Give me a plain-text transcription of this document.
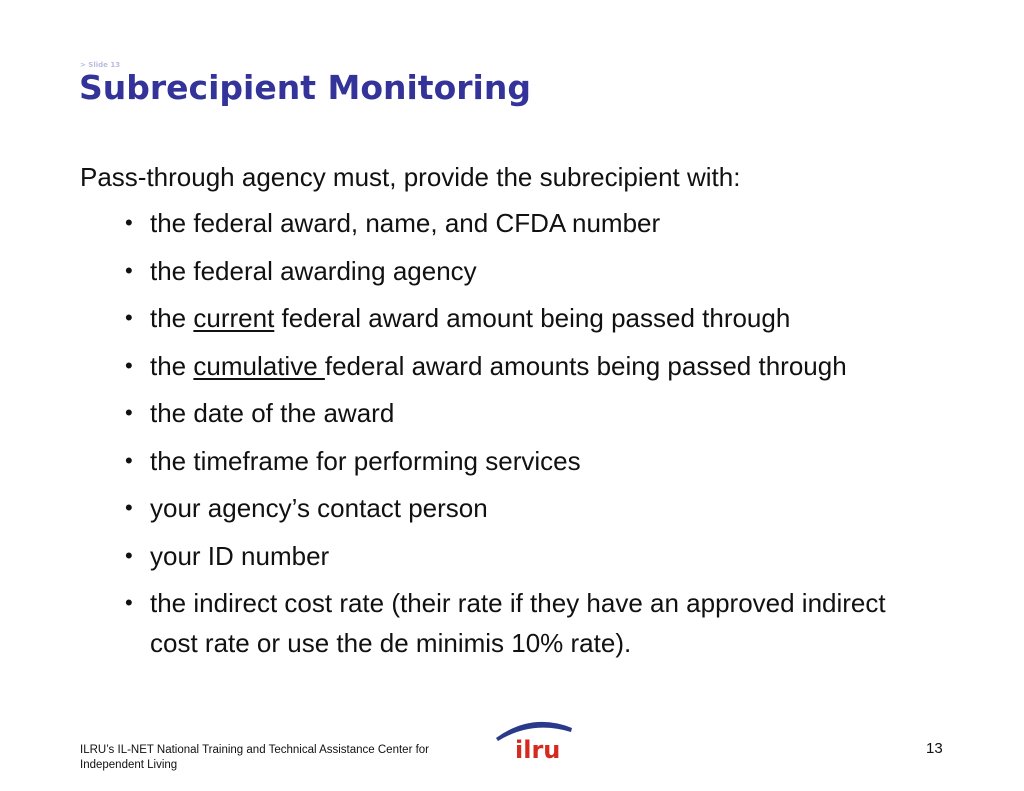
> Slide 13
Subrecipient Monitoring
Pass-through agency must, provide the subrecipient with:
• the federal award, name, and CFDA number
• the federal awarding agency
• the current federal award amount being passed through
• the cumulative federal award amounts being passed through
• the date of the award
• the timeframe for performing services
• your agency’s contact person
• your ID number
• the indirect cost rate (their rate if they have an approved indirect cost rate or use the de minimis 10% rate).
ILRU’s IL-NET National Training and Technical Assistance Center for Independent Living
ilru	13
